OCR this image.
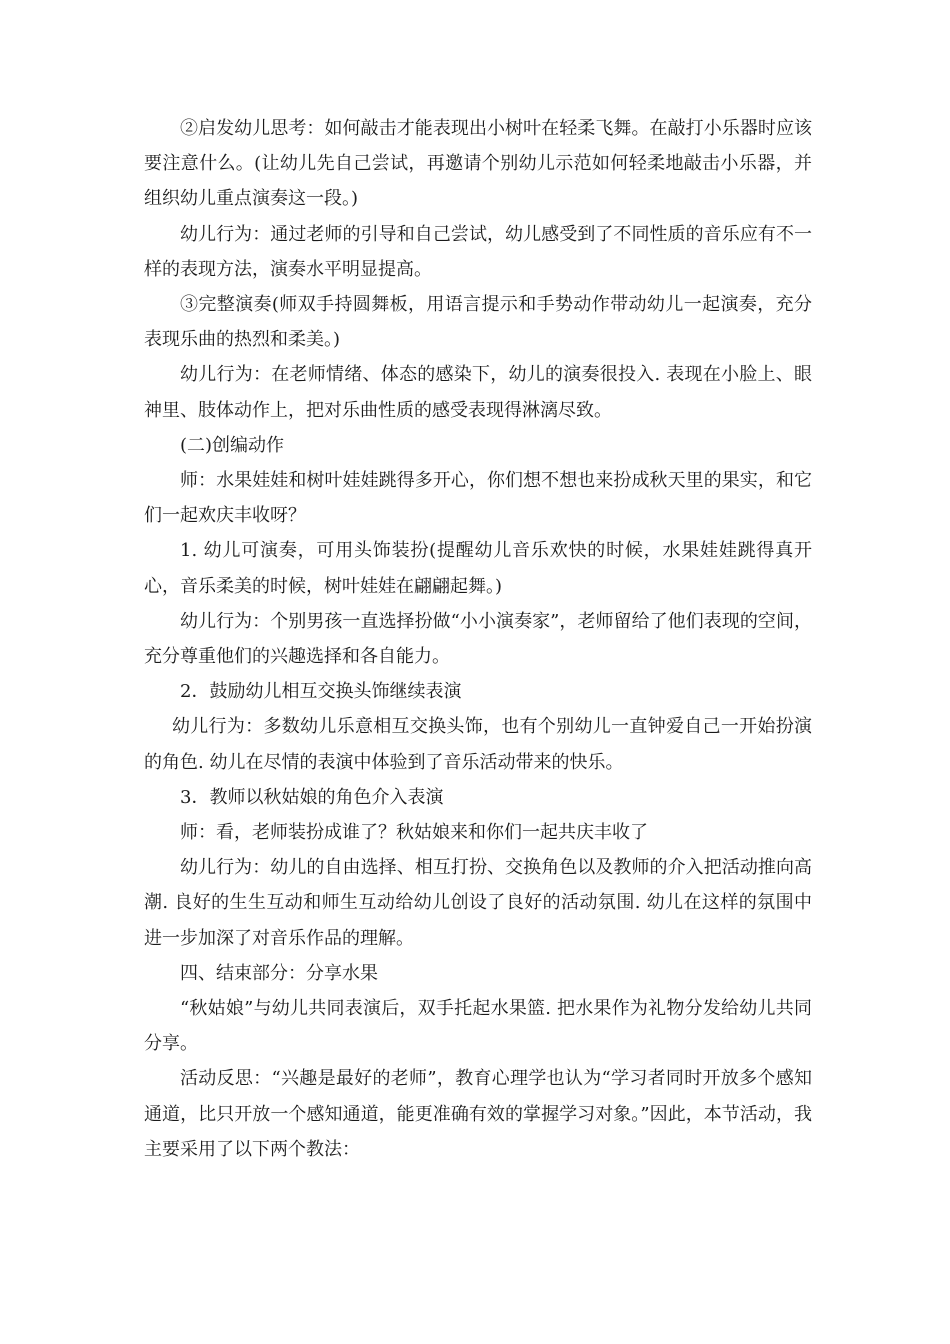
②启发幼儿思考：如何敲击才能表现出小树叶在轻柔飞舞。在敲打小乐器时应该要注意什么。(让幼儿先自己尝试，再邀请个别幼儿示范如何轻柔地敲击小乐器，并组织幼儿重点演奏这一段。)

幼儿行为：通过老师的引导和自己尝试，幼儿感受到了不同性质的音乐应有不一样的表现方法，演奏水平明显提高。

③完整演奏(师双手持圆舞板，用语言提示和手势动作带动幼儿一起演奏，充分表现乐曲的热烈和柔美。)

幼儿行为：在老师情绪、体态的感染下，幼儿的演奏很投入. 表现在小脸上、眼神里、肢体动作上，把对乐曲性质的感受表现得淋漓尽致。

(二)创编动作

师：水果娃娃和树叶娃娃跳得多开心，你们想不想也来扮成秋天里的果实，和它们一起欢庆丰收呀？

1. 幼儿可演奏，可用头饰装扮(提醒幼儿音乐欢快的时候，水果娃娃跳得真开心，音乐柔美的时候，树叶娃娃在翩翩起舞。)

幼儿行为：个别男孩一直选择扮做“小小演奏家”，老师留给了他们表现的空间，充分尊重他们的兴趣选择和各自能力。

2．鼓励幼儿相互交换头饰继续表演

幼儿行为：多数幼儿乐意相互交换头饰，也有个别幼儿一直钟爱自己一开始扮演的角色. 幼儿在尽情的表演中体验到了音乐活动带来的快乐。

3．教师以秋姑娘的角色介入表演

师：看，老师装扮成谁了？秋姑娘来和你们一起共庆丰收了

幼儿行为：幼儿的自由选择、相互打扮、交换角色以及教师的介入把活动推向高潮. 良好的生生互动和师生互动给幼儿创设了良好的活动氛围. 幼儿在这样的氛围中进一步加深了对音乐作品的理解。

四、结束部分：分享水果

“秋姑娘”与幼儿共同表演后，双手托起水果篮. 把水果作为礼物分发给幼儿共同分享。

活动反思：“兴趣是最好的老师”，教育心理学也认为“学习者同时开放多个感知通道，比只开放一个感知通道，能更准确有效的掌握学习对象。”因此，本节活动，我主要采用了以下两个教法：
